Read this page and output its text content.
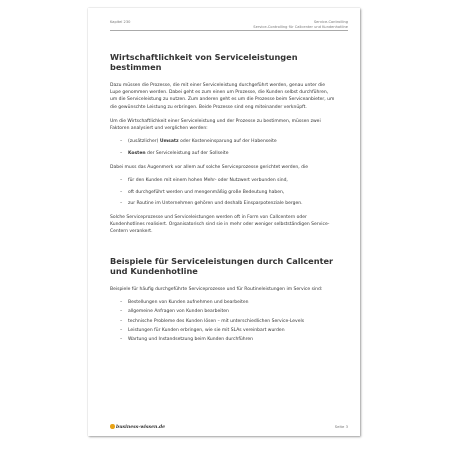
Kapitel 230	Service-Controlling
Service-Controlling für Callcenter und Kundenhotline
Wirtschaftlichkeit von Serviceleistungen bestimmen

Dazu müssen die Prozesse, die mit einer Serviceleistung durchgeführt werden, genau unter die Lupe genommen werden. Dabei geht es zum einen um Prozesse, die Kunden selbst durchführen, um die Serviceleistung zu nutzen. Zum anderen geht es um die Prozesse beim Serviceanbieter, um die gewünschte Leistung zu erbringen. Beide Prozesse sind eng miteinander verknüpft.

Um die Wirtschaftlichkeit einer Serviceleistung und der Prozesse zu bestimmen, müssen zwei Faktoren analysiert und verglichen werden:

– (zusätzlicher) Umsatz oder Kosteneinsparung auf der Habenseite
– Kosten der Serviceleistung auf der Sollseite

Dabei muss das Augenmerk vor allem auf solche Serviceprozesse gerichtet werden, die

– für den Kunden mit einem hohen Mehr- oder Nutzwert verbunden sind,
– oft durchgeführt werden und mengenmäßig große Bedeutung haben,
– zur Routine im Unternehmen gehören und deshalb Einsparpotenziale bergen.

Solche Serviceprozesse und Serviceleistungen werden oft in Form von Callcentern oder Kundenhotlines realisiert. Organisatorisch sind sie in mehr oder weniger selbstständigen Service-Centern verankert.

Beispiele für Serviceleistungen durch Callcenter und Kundenhotline

Beispiele für häufig durchgeführte Serviceprozesse und für Routineleistungen im Service sind:

– Bestellungen von Kunden aufnehmen und bearbeiten
– allgemeine Anfragen von Kunden bearbeiten
– technische Probleme des Kunden lösen – mit unterschiedlichen Service-Levels
– Leistungen für Kunden erbringen, wie sie mit SLAs vereinbart wurden
– Wartung und Instandsetzung beim Kunden durchführen
business-wissen.de	Seite 3
